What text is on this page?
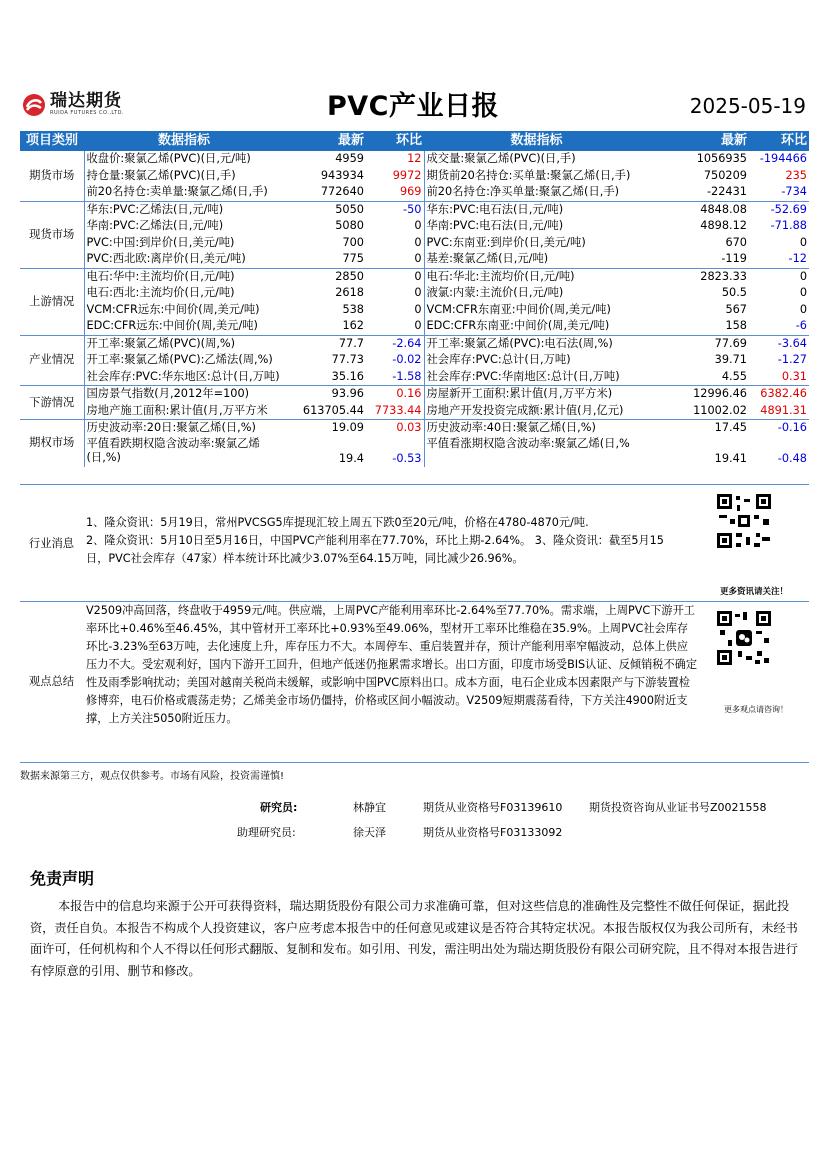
瑞达期货
RUIDA FUTURES CO.,LTD.	PVC产业日报	2025-05-19
项目类别	数据指标	最新	环比	数据指标	最新	环比
期货市场	收盘价:聚氯乙烯(PVC)(日,元/吨)	4959	12	成交量:聚氯乙烯(PVC)(日,手)	1056935	-194466
	持仓量:聚氯乙烯(PVC)(日,手)	943934	9972	期货前20名持仓:买单量:聚氯乙烯(日,手)	750209	235
	前20名持仓:卖单量:聚氯乙烯(日,手)	772640	969	前20名持仓:净买单量:聚氯乙烯(日,手)	-22431	-734
现货市场	华东:PVC:乙烯法(日,元/吨)	5050	-50	华东:PVC:电石法(日,元/吨)	4848.08	-52.69
	华南:PVC:乙烯法(日,元/吨)	5080	0	华南:PVC:电石法(日,元/吨)	4898.12	-71.88
	PVC:中国:到岸价(日,美元/吨)	700	0	PVC:东南亚:到岸价(日,美元/吨)	670	0
	PVC:西北欧:离岸价(日,美元/吨)	775	0	基差:聚氯乙烯(日,元/吨)	-119	-12
上游情况	电石:华中:主流均价(日,元/吨)	2850	0	电石:华北:主流均价(日,元/吨)	2823.33	0
	电石:西北:主流均价(日,元/吨)	2618	0	液氯:内蒙:主流价(日,元/吨)	50.5	0
	VCM:CFR远东:中间价(周,美元/吨)	538	0	VCM:CFR东南亚:中间价(周,美元/吨)	567	0
	EDC:CFR远东:中间价(周,美元/吨)	162	0	EDC:CFR东南亚:中间价(周,美元/吨)	158	-6
产业情况	开工率:聚氯乙烯(PVC)(周,%)	77.7	-2.64	开工率:聚氯乙烯(PVC):电石法(周,%)	77.69	-3.64
	开工率:聚氯乙烯(PVC):乙烯法(周,%)	77.73	-0.02	社会库存:PVC:总计(日,万吨)	39.71	-1.27
	社会库存:PVC:华东地区:总计(日,万吨)	35.16	-1.58	社会库存:PVC:华南地区:总计(日,万吨)	4.55	0.31
下游情况	国房景气指数(月,2012年=100)	93.96	0.16	房屋新开工面积:累计值(月,万平方米)	12996.46	6382.46
	房地产施工面积:累计值(月,万平方米	613705.44	7733.44	房地产开发投资完成额:累计值(月,亿元)	11002.02	4891.31
期权市场	历史波动率:20日:聚氯乙烯(日,%)	19.09	0.03	历史波动率:40日:聚氯乙烯(日,%)	17.45	-0.16
	平值看跌期权隐含波动率:聚氯乙烯(日,%)	19.4	-0.53	平值看涨期权隐含波动率:聚氯乙烯(日,%	19.41	-0.48
行业消息
1、隆众资讯：5月19日，常州PVCSG5库提现汇较上周五下跌0至20元/吨，价格在4780-4870元/吨.
2、隆众资讯：5月10日至5月16日，中国PVC产能利用率在77.70%，环比上期-2.64%。 3、隆众资讯：截至5月15日，PVC社会库存（47家）样本统计环比减少3.07%至64.15万吨，同比减少26.96%。
更多资讯请关注！
观点总结
V2509冲高回落，终盘收于4959元/吨。供应端，上周PVC产能利用率环比-2.64%至77.70%。需求端，上周PVC下游开工率环比+0.46%至46.45%，其中管材开工率环比+0.93%至49.06%，型材开工率环比维稳在35.9%。上周PVC社会库存环比-3.23%至63万吨，去化速度上升，库存压力不大。本周停车、重启装置并存，预计产能利用率窄幅波动，总体上供应压力不大。受宏观利好，国内下游开工回升，但地产低迷仍拖累需求增长。出口方面，印度市场受BIS认证、反倾销税不确定性及雨季影响扰动；美国对越南关税尚未缓解，或影响中国PVC原料出口。成本方面，电石企业成本因素限产与下游装置检修博弈，电石价格或震荡走势；乙烯美金市场仍僵持，价格或区间小幅波动。V2509短期震荡看待，下方关注4900附近支撑，上方关注5050附近压力。
更多观点请咨询！
数据来源第三方，观点仅供参考。市场有风险，投资需谨慎!
研究员:
助理研究员:
林静宜
徐天泽
期货从业资格号F03139610
期货从业资格号F03133092
期货投资咨询从业证书号Z0021558
免责声明
本报告中的信息均来源于公开可获得资料，瑞达期货股份有限公司力求准确可靠，但对这些信息的准确性及完整性不做任何保证，据此投资，责任自负。本报告不构成个人投资建议，客户应考虑本报告中的任何意见或建议是否符合其特定状况。本报告版权仅为我公司所有，未经书面许可，任何机构和个人不得以任何形式翻版、复制和发布。如引用、刊发，需注明出处为瑞达期货股份有限公司研究院，且不得对本报告进行有悖原意的引用、删节和修改。
